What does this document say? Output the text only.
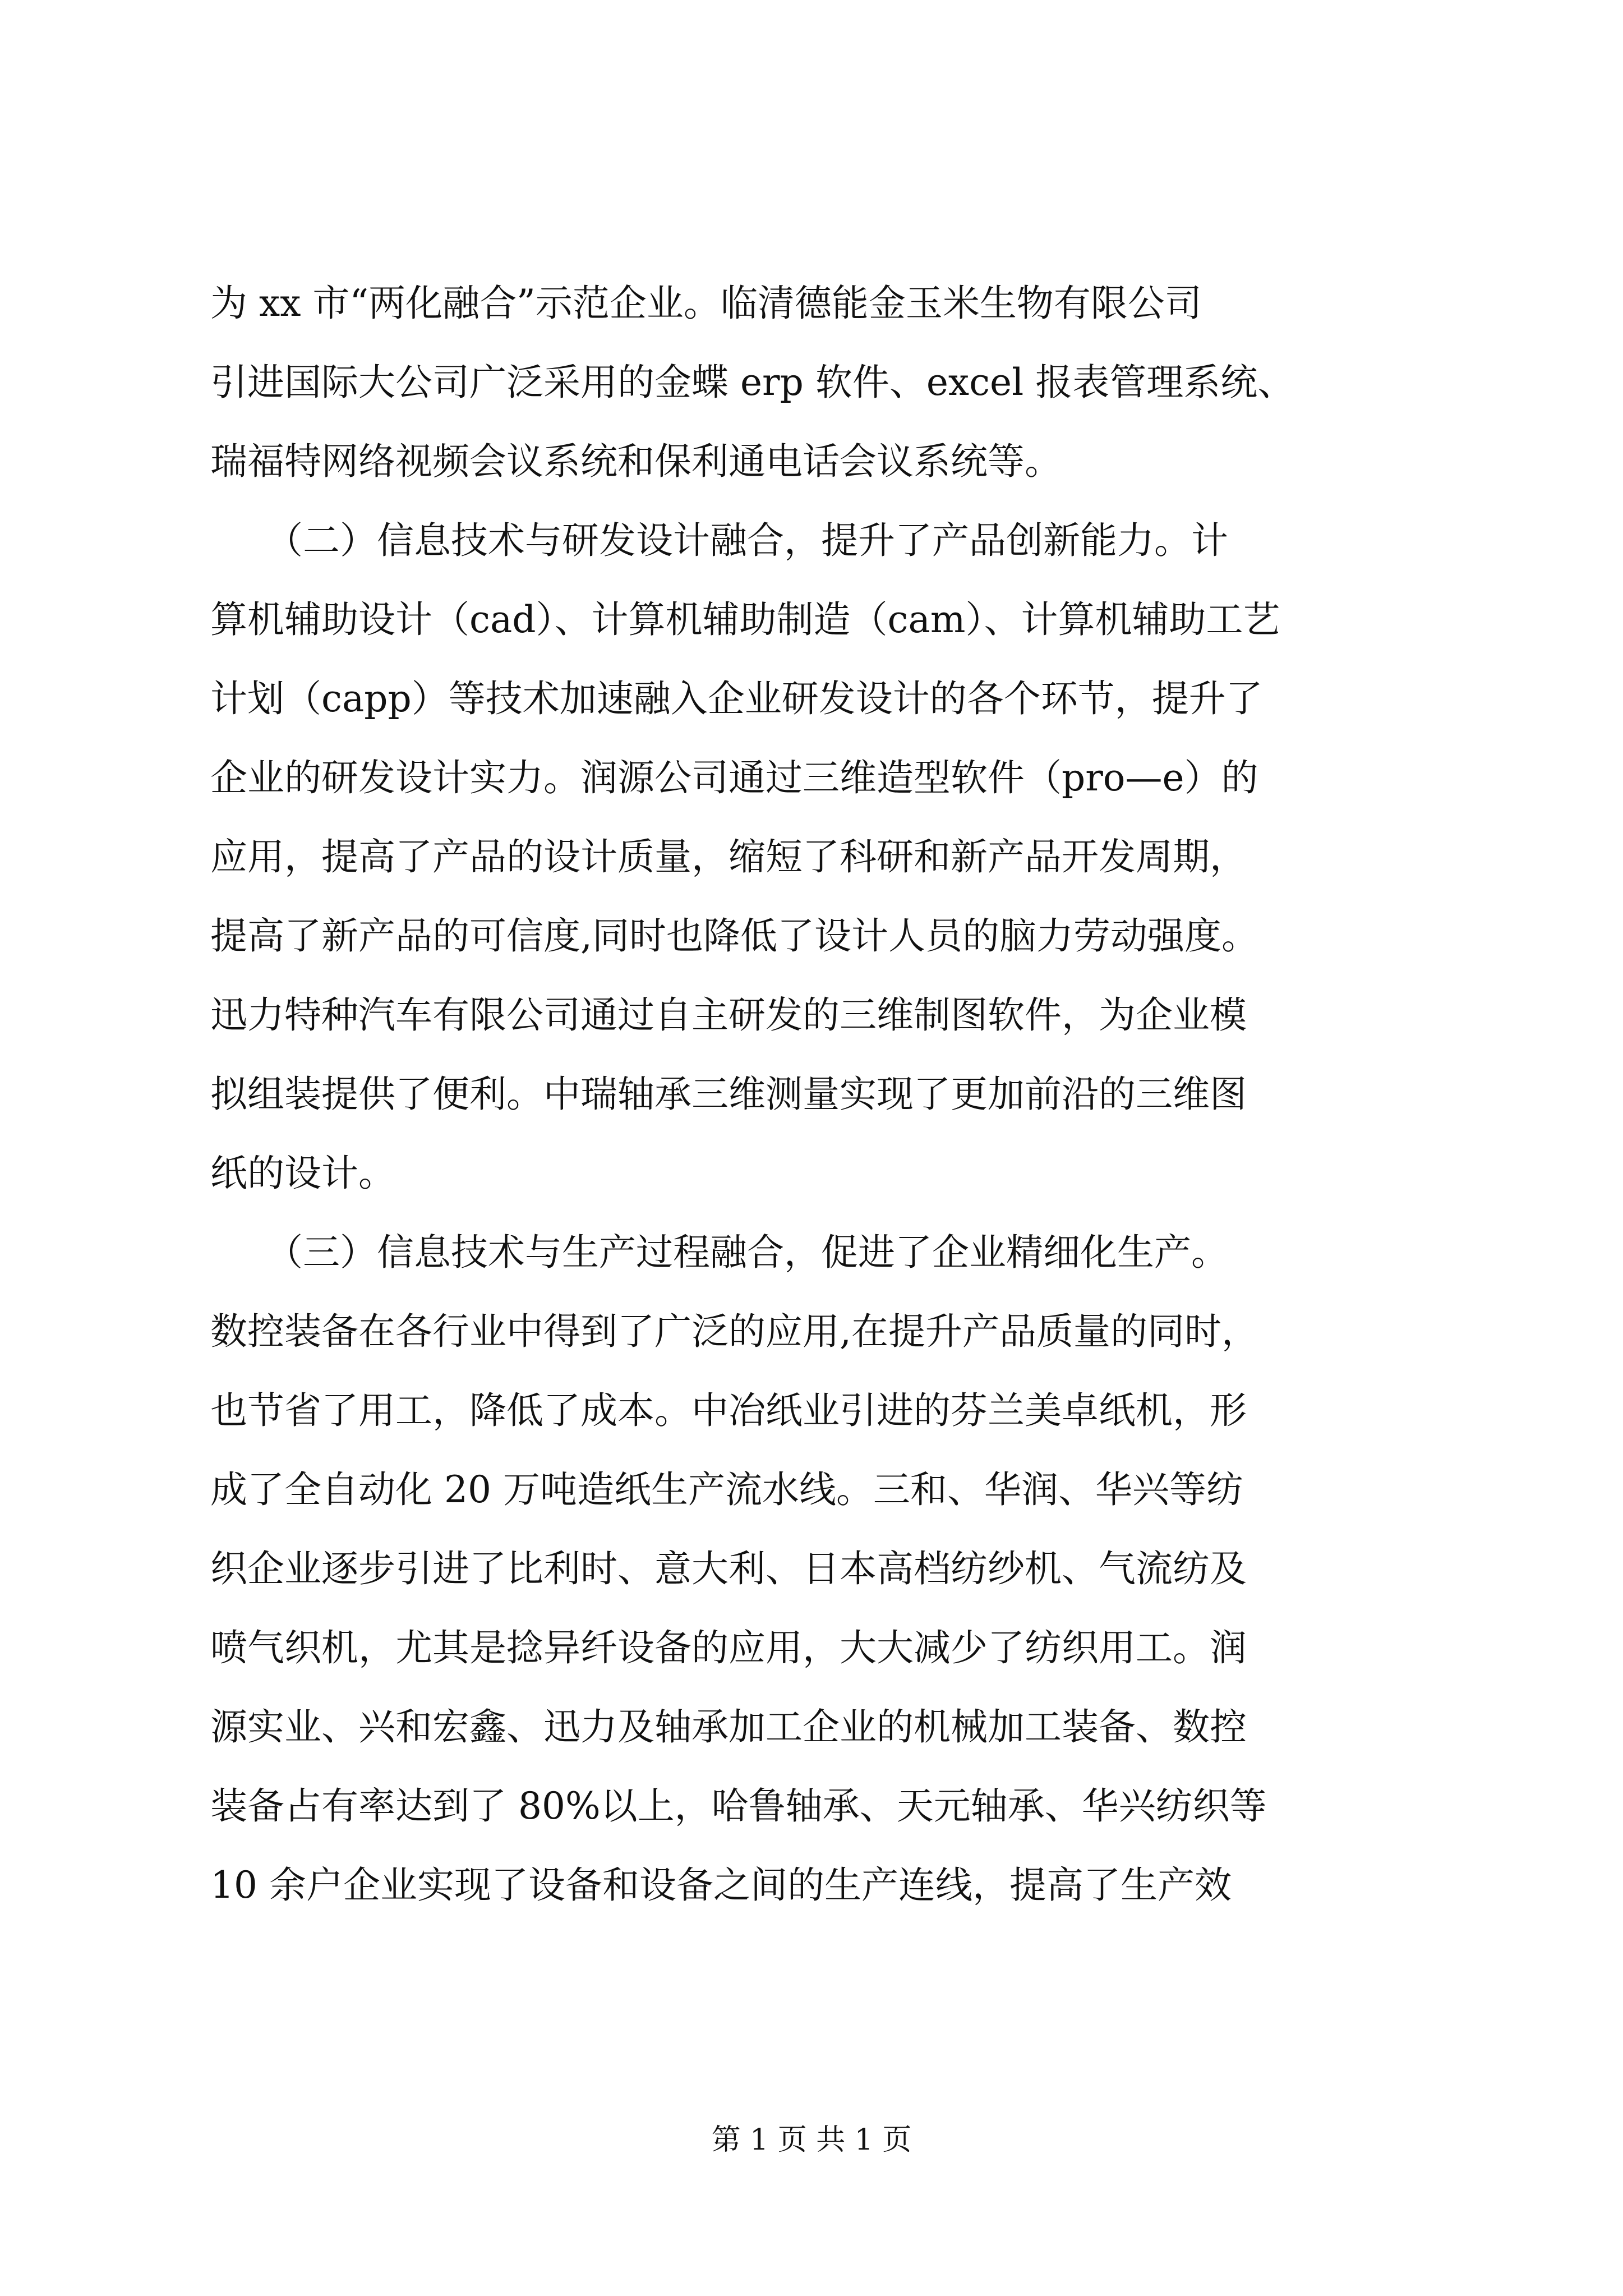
为 xx 市“两化融合”示范企业。临清德能金玉米生物有限公司
引进国际大公司广泛采用的金蝶 erp 软件、excel 报表管理系统、
瑞福特网络视频会议系统和保利通电话会议系统等。
　　（二）信息技术与研发设计融合，提升了产品创新能力。计
算机辅助设计（cad）、计算机辅助制造（cam）、计算机辅助工艺
计划（capp）等技术加速融入企业研发设计的各个环节，提升了
企业的研发设计实力。润源公司通过三维造型软件（pro—e）的
应用，提高了产品的设计质量，缩短了科研和新产品开发周期，
提高了新产品的可信度,同时也降低了设计人员的脑力劳动强度。
迅力特种汽车有限公司通过自主研发的三维制图软件，为企业模
拟组装提供了便利。中瑞轴承三维测量实现了更加前沿的三维图
纸的设计。
　　（三）信息技术与生产过程融合，促进了企业精细化生产。
数控装备在各行业中得到了广泛的应用,在提升产品质量的同时，
也节省了用工，降低了成本。中冶纸业引进的芬兰美卓纸机，形
成了全自动化 20 万吨造纸生产流水线。三和、华润、华兴等纺
织企业逐步引进了比利时、意大利、日本高档纺纱机、气流纺及
喷气织机，尤其是捻异纤设备的应用，大大减少了纺织用工。润
源实业、兴和宏鑫、迅力及轴承加工企业的机械加工装备、数控
装备占有率达到了 80%以上，哈鲁轴承、天元轴承、华兴纺织等
10 余户企业实现了设备和设备之间的生产连线，提高了生产效
第 1 页 共 1 页
